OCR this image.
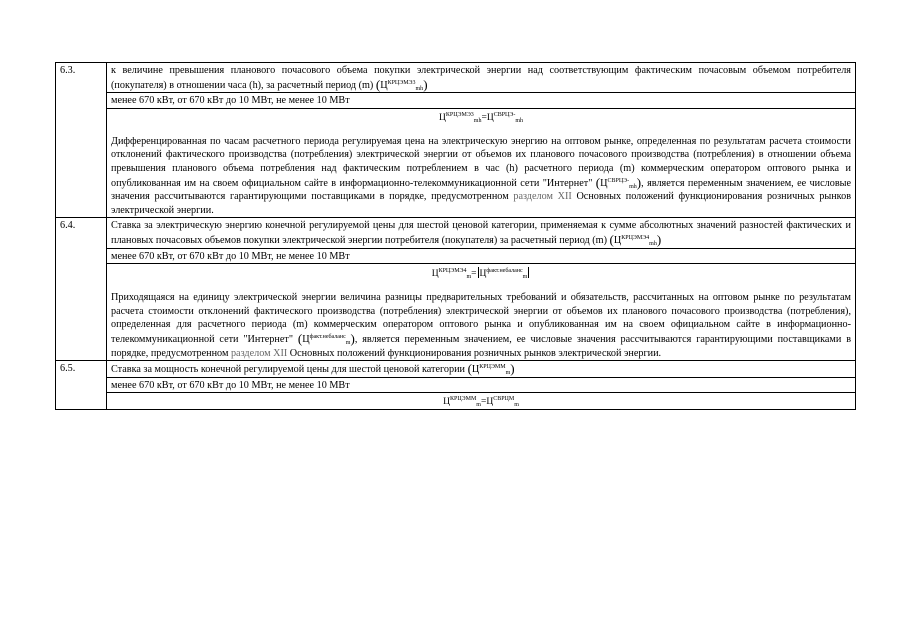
6.3.	к величине превышения планового почасового объема покупки электрической энергии над соответствующим фактическим почасовым объемом потребителя (покупателя) в отношении часа (h), за расчетный период (m) $(Ц^{КРЦЭМЭ3}_{mh})$
	менее 670 кВт, от 670 кВт до 10 МВт, не менее 10 МВт

	$Ц^{КРЦЭМЭ3}_{mh}=Ц^{СВРЦЭ-}_{mh}$
Дифференцированная по часам расчетного периода регулируемая цена на электрическую энергию на оптовом рынке, определенная по результатам расчета стоимости отклонений фактического производства (потребления) электрической энергии от объемов их планового почасового производства (потребления) в отношении объема превышения планового объема потребления над фактическим потреблением в час (h) расчетного периода (m) коммерческим оператором оптового рынка и опубликованная им на своем официальном сайте в информационно-телекоммуникационной сети "Интернет" $(Ц^{СВРЦЭ-}_{mh})$, является переменным значением, ее числовые значения рассчитываются гарантирующими поставщиками в порядке, предусмотренном разделом XII Основных положений функционирования розничных рынков электрической энергии.

6.4.	Ставка за электрическую энергию конечной регулируемой цены для шестой ценовой категории, применяемая к сумме абсолютных значений разностей фактических и плановых почасовых объемов покупки электрической энергии потребителя (покупателя) за расчетный период (m) $(Ц^{КРЦЭМЭ4}_{mh})$
	менее 670 кВт, от 670 кВт до 10 МВт, не менее 10 МВт

	$Ц^{КРЦЭМЭ4}_m= Ц^{факт.небаланс}_m$
Приходящаяся на единицу электрической энергии величина разницы предварительных требований и обязательств, рассчитанных на оптовом рынке по результатам расчета стоимости отклонений фактического производства (потребления) электрической энергии от объемов их планового почасового производства (потребления), определенная для расчетного периода (m) коммерческим оператором оптового рынка и опубликованная им на своем официальном сайте в информационно-телекоммуникационной сети "Интернет" $(Ц^{факт.небаланс}_m)$, является переменным значением, ее числовые значения рассчитываются гарантирующими поставщиками в порядке, предусмотренном разделом XII Основных положений функционирования розничных рынков электрической энергии.

6.5.	Ставка за мощность конечной регулируемой цены для шестой ценовой категории $(Ц^{КРЦЭММ}_m)$
	менее 670 кВт, от 670 кВт до 10 МВт, не менее 10 МВт

	$Ц^{КРЦЭММ}_m=Ц^{СВРЦМ}_m$
